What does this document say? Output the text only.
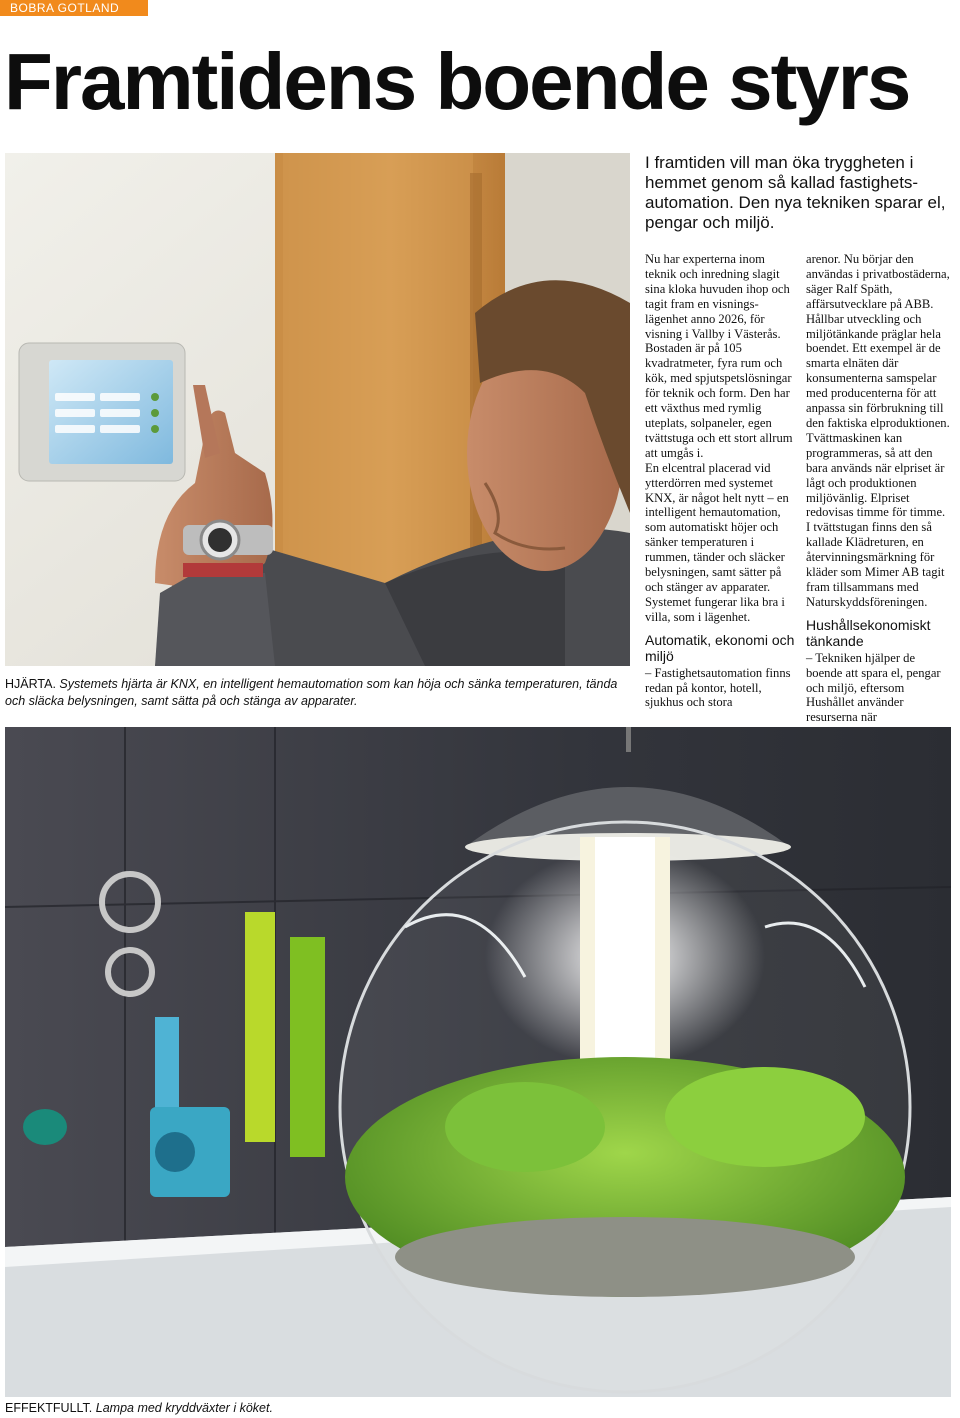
BOBRA GOTLAND
Framtidens boende styrs
HJÄRTA. Systemets hjärta är KNX, en intelligent hemautomation som kan höja och sänka temperaturen, tända och släcka belysningen, samt sätta på och stänga av apparater.
I framtiden vill man öka tryggheten i hemmet genom så kallad fastighetsautomation. Den nya tekniken sparar el, pengar och miljö.

Nu har experterna inom teknik och inredning slagit sina kloka huvuden ihop och tagit fram en visningslägenhet anno 2026, för visning i Vallby i Västerås. Bostaden är på 105 kvadratmeter, fyra rum och kök, med spjutspetslösningar för teknik och form. Den har ett växthus med rymlig uteplats, solpaneler, egen tvättstuga och ett stort allrum att umgås i.

En elcentral placerad vid ytterdörren med systemet KNX, är något helt nytt – en intelligent hemautomation, som automatiskt höjer och sänker temperaturen i rummen, tänder och släcker belysningen, samt sätter på och stänger av apparater. Systemet fungerar lika bra i villa, som i lägenhet.

Automatik, ekonomi och miljö

– Fastighetsautomation finns redan på kontor, hotell, sjukhus och stora

arenor. Nu börjar den användas i privatbostäderna, säger Ralf Späth, affärsutvecklare på ABB.

Hållbar utveckling och miljötänkande präglar hela boendet. Ett exempel är de smarta elnäten där konsumenterna samspelar med producenterna för att anpassa sin förbrukning till den faktiska elproduktionen. Tvättmaskinen kan programmeras, så att den bara används när elpriset är lågt och produktionen miljövänlig. Elpriset redovisas timme för timme.

I tvättstugan finns den så kallade Klädreturen, en återvinningsmärkning för kläder som Mimer AB tagit fram tillsammans med Naturskyddsföreningen.

Hushållsekonomiskt tänkande

– Tekniken hjälper de boende att spara el, pengar och miljö, eftersom Hushållet använder resurserna när

EFFEKTFULLT. Lampa med kryddväxter i köket.
